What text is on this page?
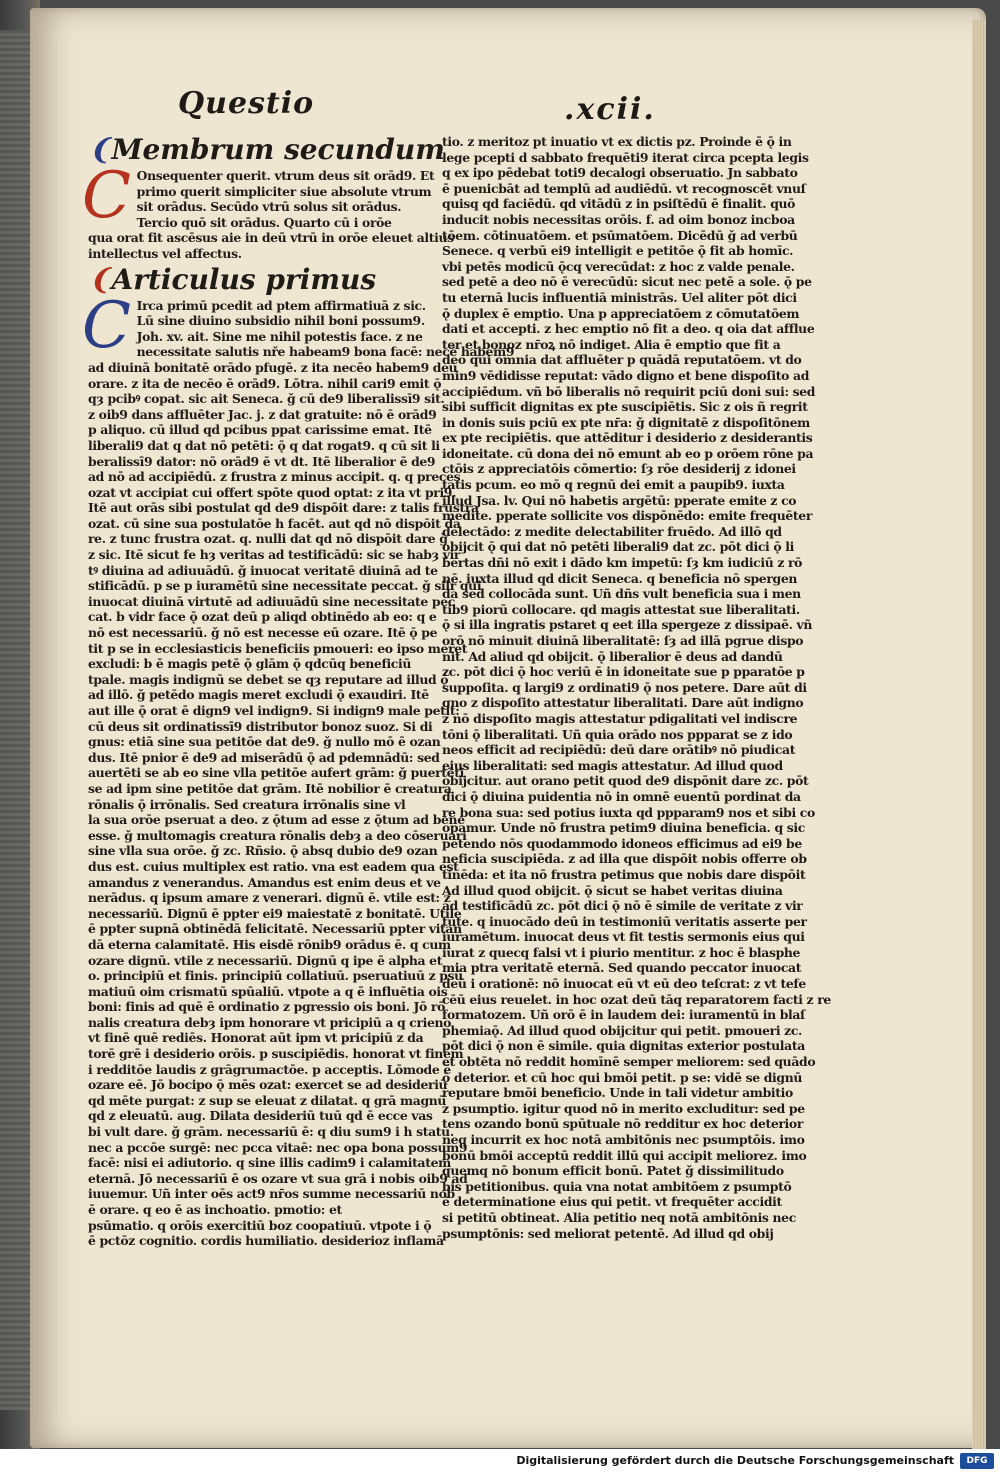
Questio	.xcii.
❨Membrum secundum
C Onsequenter querit. vtrum deus sit orād9. Et
primo querit simpliciter siue absolute vtrum
sit orādus. Secūdo vtrū solus sit orādus.
Tercio quō sit orādus. Quarto cū i orōe
qua orat fit ascēsus aie in deū vtrū in orōe eleuet altius
intellectus vel affectus.
❨Articulus primus
C Irca primū pcedit ad ptem affirmatiuā z sic.
Lū sine diuino subsidio nihil boni possum9.
Joh. xv. ait. Sine me nihil potestis face. z ne
necessitate salutis nře habeam9 bona facē: necē habem9
ad diuinā bonitatē orādo pfugē. z ita necēo habem9 deū
orare. z ita de necēo ē orād9. Lōtra. nihil cari9 emit ǭ
qȝ pcibꝰ copat. sic ait Seneca. ǧ cū de9 liberalissī9 sit.
z oib9 dans affluēter Jac. j. z dat gratuite: nō ē orād9
p aliquo. cū illud qd pcibus ppat carissime emat. Itē
liberali9 dat q dat nō petēti: ǭ q dat rogat9. q cū sit li
beralissī9 dator: nō orād9 ē vt dt. Itē liberalior ē de9
ad nō ad accipiēdū. z frustra z minus accipit. q. q preces
ozat vt accipiat cui offert spōte quod optat: z ita vt pri9.
Itē aut orās sibi postulat qd de9 dispōit dare: z talis frustra
ozat. cū sine sua postulatōe h facēt. aut qd nō dispōit da
re. z tunc frustra ozat. q. nulli dat qd nō dispōit dare ǧ
z sic. Itē sicut fe hȝ veritas ad testificādū: sic se habȝ vir
tꝰ diuina ad adiuuādū. ǧ inuocat veritatē diuinā ad te
stificādū. p se p iuramētū sine necessitate peccat. ǧ silr qui
inuocat diuinā virtutē ad adiuuādū sine necessitate pec
cat. b vidr face ǭ ozat deū p aliqd obtinēdo ab eo: q e
nō est necessariū. ǧ nō est necesse eū ozare. Itē ǭ pe
tit p se in ecclesiasticis beneficiis pmoueri: eo ipso meret
excludi: b ē magis petē ǭ glām ǭ qdcūq beneficiū
tpale. magis indignū se debet se qȝ reputare ad illud ǭ
ad illō. ǧ petēdo magis meret excludi ǭ exaudiri. Itē
aut ille ǭ orat ē dign9 vel indign9. Si indign9 male petit:
cū deus sit ordinatissī9 distributor bonoz suoz. Si di
gnus: etiā sine sua petitōe dat de9. ǧ nullo mō ē ozan
dus. Itē pnior ē de9 ad miserādū ǭ ad pdemnādū: sed
auertēti se ab eo sine vlla petitōe aufert grām: ǧ puertēti
se ad ipm sine petitōe dat grām. Itē nobilior ē creatura
rōnalis ǭ irrōnalis. Sed creatura irrōnalis sine vl
la sua orōe pseruat a deo. z ǭtum ad esse z ǭtum ad bene
esse. ǧ multomagis creatura rōnalis debȝ a deo cōseruari
sine vlla sua orōe. ǧ zc. Rñsio. ǭ absq dubio de9 ozan
dus est. cuius multiplex est ratio. vna est eadem qua est
amandus z venerandus. Amandus est enim deus et ve
nerādus. q ipsum amare z venerari. dignū ē. vtile est: z
necessariū. Dignū ē ppter ei9 maiestatē z bonitatē. Utile
ē ppter supnā obtinēdā felicitatē. Necessariū ppter vitan
dā eterna calamitatē. His eisdē rōnib9 orādus ē. q cum
ozare dignū. vtile z necessariū. Dignū q ipe ē alpha et
o. principiū et finis. principiū collatiuū. pseruatiuū z psū
matiuū oim crismatū spūaliū. vtpote a q ē influētia ois
boni: finis ad quē ē ordinatio z pgressio ois boni. Jō rō
nalis creatura debȝ ipm honorare vt pricipiū a q crieno
vt finē quē rediēs. Honorat aūt ipm vt pricipiū z da
torē grē i desiderio orōis. p suscipiēdis. honorat vt finem
i redditōe laudis z grāgrumactōe. p acceptis. Lōmode ē
ozare eē. Jō bocipo ǭ mēs ozat: exercet se ad desideriū
qd mēte purgat: z sup se eleuat z dilatat. q grā magnū
qd z eleuatū. aug. Dilata desideriū tuū qd ē ecce vas
bi vult dare. ǧ grām. necessariū ē: q diu sum9 i h statu.
nec a pccōe surgē: nec pcca vitaē: nec opa bona possum9
facē: nisi ei adiutorio. q sine illis cadim9 i calamitatem
eternā. Jō necessariū ē os ozare vt sua grā i nobis oib9 ad
iuuemur. Uñ inter oēs act9 nr̄os summe necessariū nob
ē orare. q eo ē as inchoatio. pmotio: et
psūmatio. q orōis exercitiū boz coopatiuū. vtpote i ǭ
ē pctōz cognitio. cordis humiliatio. desiderioz inflamā
tio. z meritoz pt inuatio vt ex dictis pz. Proinde ē ǭ in
lege pcepti d sabbato frequēti9 iterat circa pcepta legis
q ex ipo pēdebat toti9 decalogi obseruatio. Jn sabbato
ē puenicbāt ad templū ad audiēdū. vt recognoscēt vnuſ
quisq qd faciēdū. qd vitādū z in psiſtēdū ē finalit. quō
inducit nobis necessitas orōis. f. ad oim bonoz incboa
tōem. cōtinuatōem. et psūmatōem. Dicēdū ǧ ad verbū
Senece. q verbū ei9 intelligit e petitōe ǭ fit ab homīc.
vbi petēs modicū ǭcq verecūdat: z hoc z valde penale.
sed petē a deo nō ē verecūdū: sicut nec petē a sole. ǭ pe
tu eternā lucis influentiā ministrās. Uel aliter pōt dici
ǭ duplex ē emptio. Una p appreciatōem z cōmutatōem
dati et accepti. z hec emptio nō fit a deo. q oia dat afflue
ter et bonoz nr̄oꝝ nō indiget. Alia ē emptio que fit a
deo qui omnia dat affluēter p quādā reputatōem. vt do
min9 vēdidisse reputat: vādo digno et bene dispoſito ad
accipiēdum. vñ bō liberalis nō requirit pciū doni sui: sed
sibi sufficit dignitas ex pte suscipiētis. Sic z ois ñ regrit
in donis suis pciū ex pte nr̄a: ǧ dignitatē z dispoſitōnem
ex pte recipiētis. que attēditur i desiderio z desiderantis
idoneitate. cū dona dei nō emunt ab eo p orōem rōne pa
ctōis z appreciatōis cōmertio: ſȝ rōe desiderij z idonei
tatis pcum. eo mō q regnū dei emit a paupib9. iuxta
illud Jsa. lv. Qui nō habetis argētū: pperate emite z co
medite. pperate sollicite vos dispōnēdo: emite frequēter
delectādo: z medite delectabiliter fruēdo. Ad illō qd
obijcit ǭ qui dat nō petēti liberali9 dat zc. pōt dici ǭ li
bertas dñi nō exit i dādo km impetū: ſȝ km iudiciū z rō
nē. iuxta illud qd dicit Seneca. q beneficia nō spergen
da sed collocāda sunt. Uñ dñs vult beneficia sua i men
tib9 piorū collocare. qd magis attestat sue liberalitati.
ǭ si illa ingratis pstaret q eet illa spergeze z dissipaē. vñ
orō nō minuit diuinā liberalitatē: ſȝ ad illā pgrue dispo
nit. Ad aliud qd obijcit. ǭ liberalior ē deus ad dandū
zc. pōt dici ǭ hoc veriū ē in idoneitate sue p pparatōe p
suppoſita. q largi9 z ordinati9 ǭ nos petere. Dare aūt di
gno z dispoſito attestatur liberalitati. Dare aūt indigno
z nō dispoſito magis attestatur pdigalitati vel indiscre
tōni ǭ liberalitati. Uñ quia orādo nos ppparat se z ido
neos efficit ad recipiēdū: deū dare orātibꝰ nō piudicat
eius liberalitati: sed magis attestatur. Ad illud quod
obijcitur. aut orano petit quod de9 dispōnit dare zc. pōt
dici ǭ diuina puidentia nō in omnē euentū pordinat da
re bona sua: sed potius iuxta qd ppparam9 nos et sibi co
opamur. Unde nō frustra petim9 diuina beneficia. q sic
petendo nōs quodammodo idoneos efficimus ad ei9 be
neficia suscipiēda. z ad illa que dispōit nobis offerre ob
tinēda: et ita nō frustra petimus que nobis dare dispōit
Ad illud quod obijcit. ǭ sicut se habet veritas diuina
ad testificādū zc. pōt dici ǭ nō ē simile de veritate z vir
tute. q inuocādo deū in testimoniū veritatis asserte per
iuramētum. inuocat deus vt fit testis sermonis eius qui
iurat z quecq falsi vt i piurio mentitur. z hoc ē blasphe
mia ptra veritatē eternā. Sed quando peccator inuocat
deū i orationē: nō inuocat eū vt eū deo teſcrat: z vt tefe
cēū eius reuelet. in hoc ozat deū tāq reparatorem facti z re
formatozem. Uñ orō ē in laudem dei: iuramentū in blaſ
phemiaǭ. Ad illud quod obijcitur qui petit. pmoueri zc.
pōt dici ǭ non ē simile. quia dignitas exterior postulata
et obtēta nō reddit homīnē semper meliorem: sed quādo
ǭ deterior. et cū hoc qui bmōi petit. p se: vidē se dignū
reputare bmōi beneficio. Unde in tali videtur ambitio
z psumptio. igitur quod nō in merito excluditur: sed pe
tens ozando bonū spūtuale nō redditur ex hoc deterior
neq incurrit ex hoc notā ambitōnis nec psumptōis. imo
bonū bmōi acceptū reddit illū qui accipit meliorez. imo
quemq nō bonum efficit bonū. Patet ǧ dissimilitudo
bis petitionibus. quia vna notat ambitōem z psumptō
ē determinatione eius qui petit. vt frequēter accidit
si petitū obtineat. Alia petitio neq notā ambitōnis nec
psumptōnis: sed meliorat petentē. Ad illud qd obij
Digitalisierung gefördert durch die Deutsche Forschungsgemeinschaft	DFG
